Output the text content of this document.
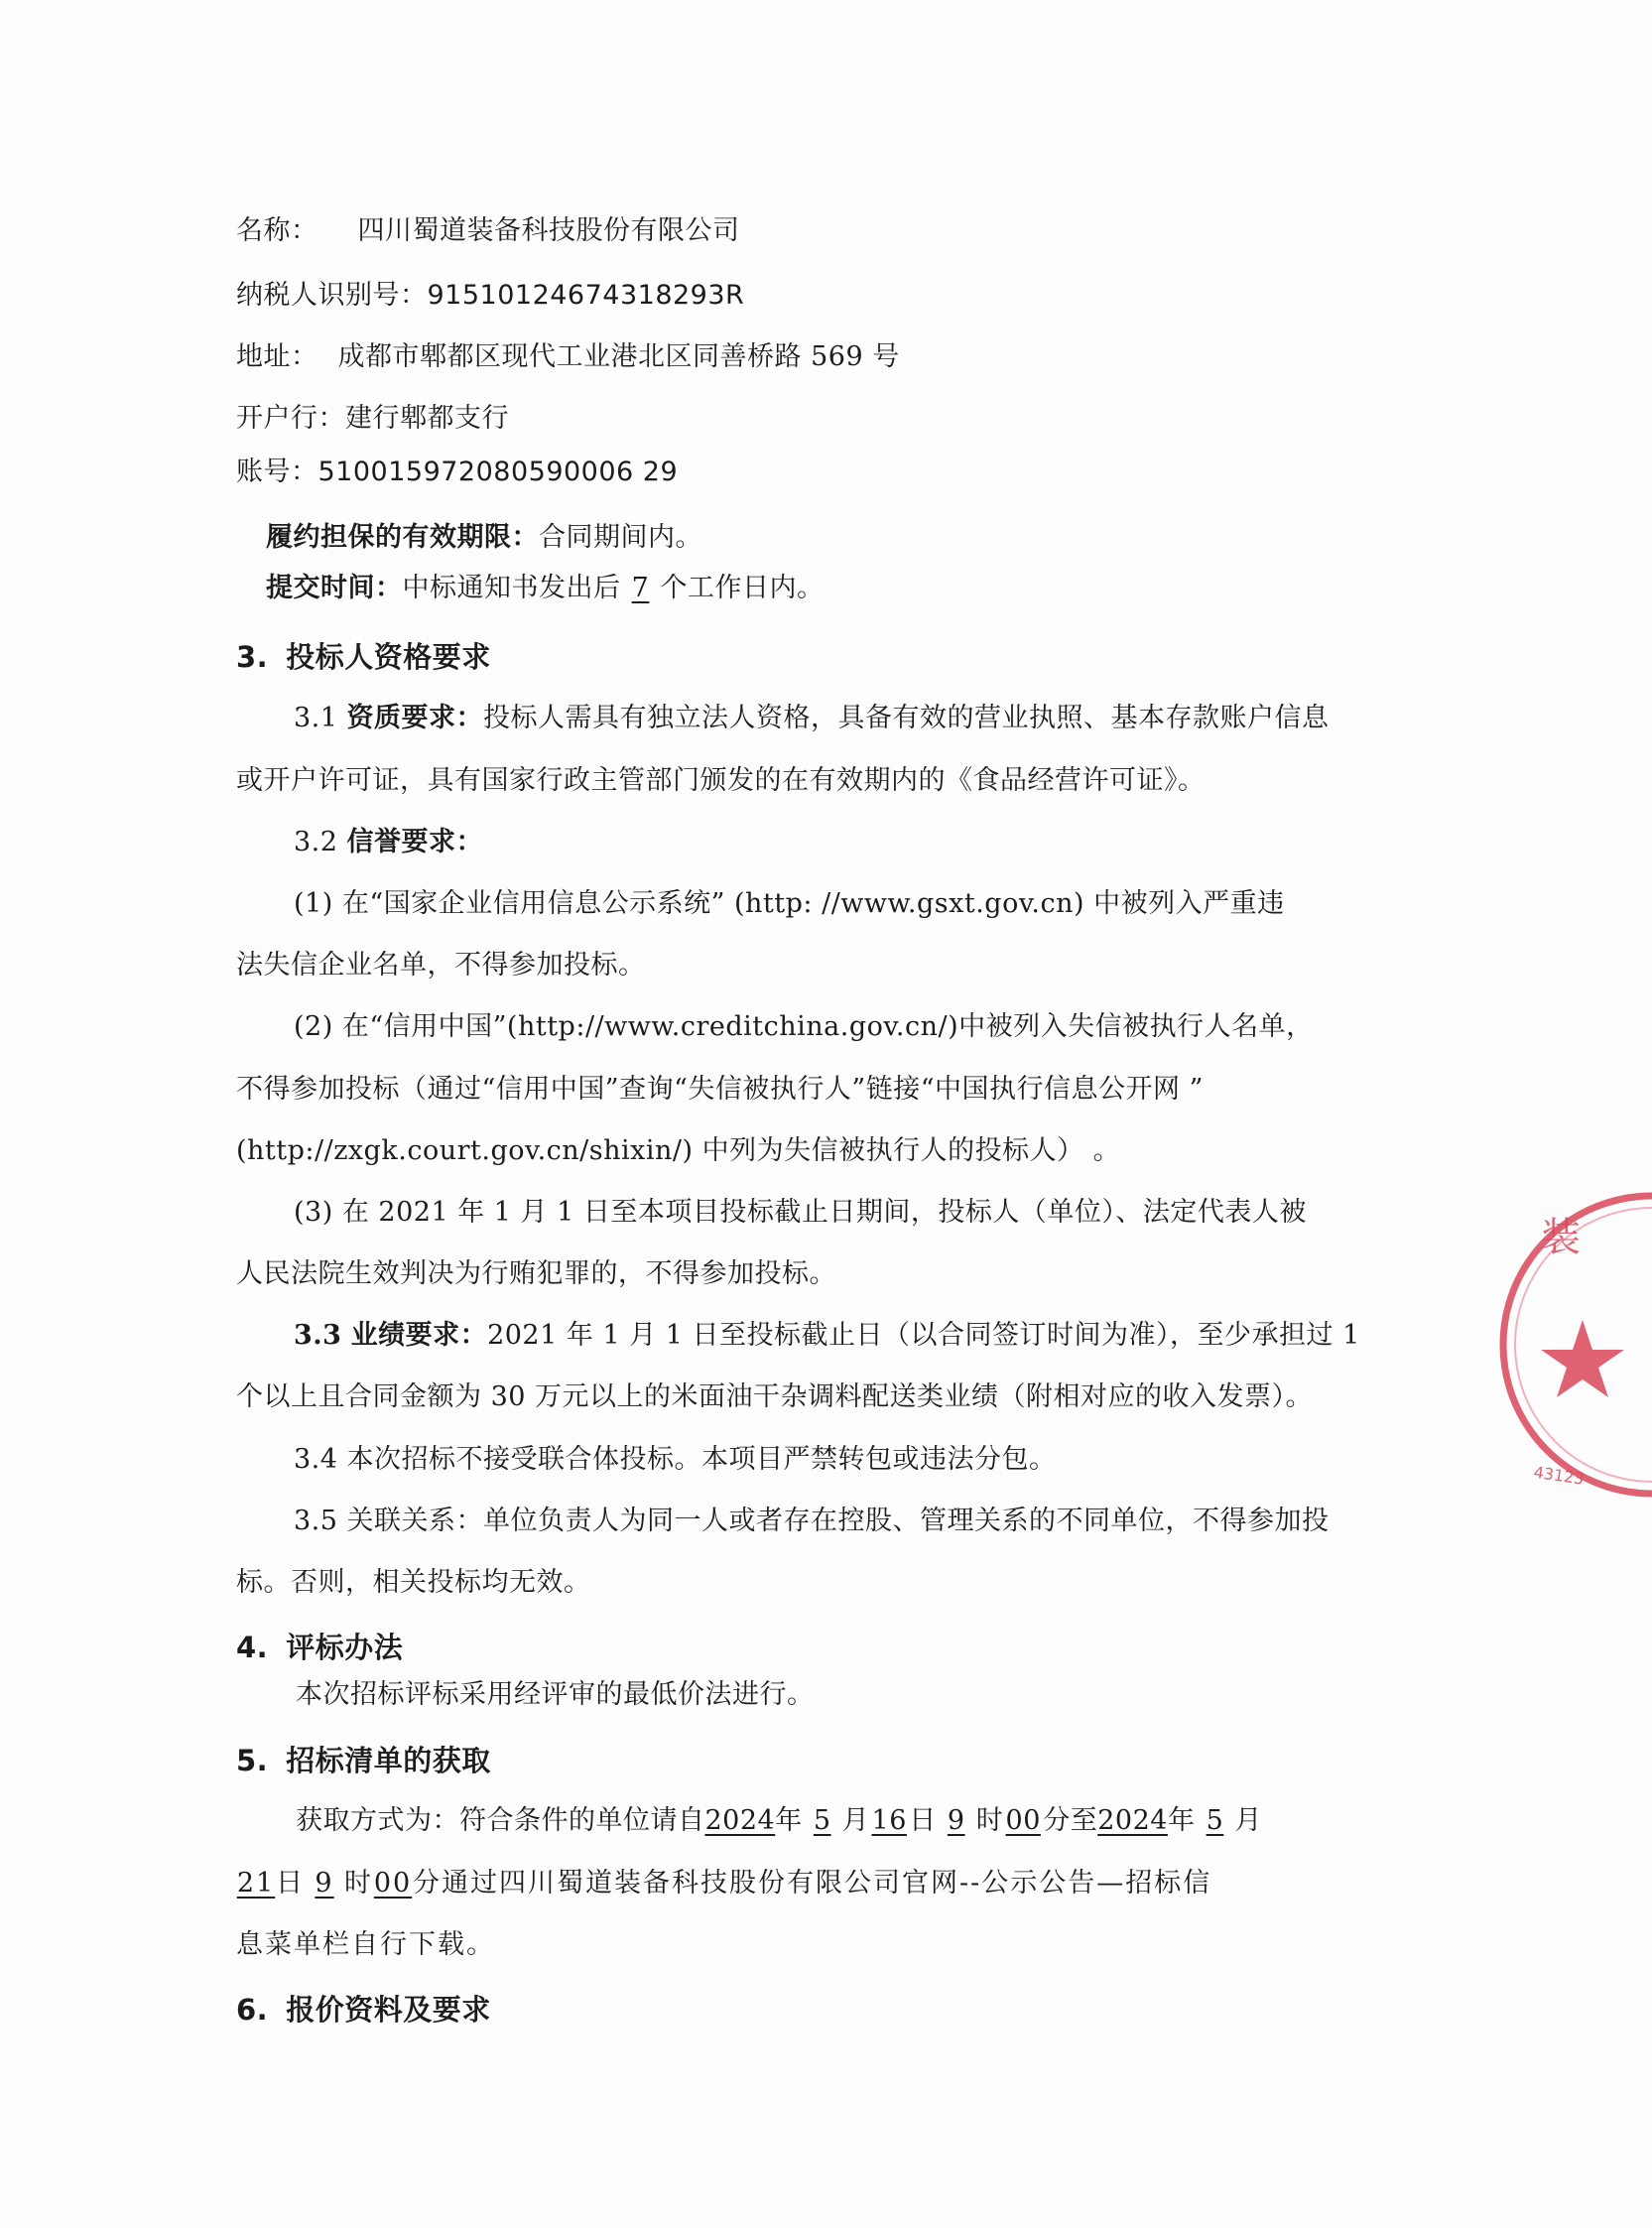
名称： 四川蜀道装备科技股份有限公司
纳税人识别号：91510124674318293R
地址： 成都市郫都区现代工业港北区同善桥路 569 号
开户行：建行郫都支行
账号：510015972080590006 29
履约担保的有效期限：合同期间内。
提交时间：中标通知书发出后 7 个工作日内。
3. 投标人资格要求
3.1 资质要求：投标人需具有独立法人资格，具备有效的营业执照、基本存款账户信息
或开户许可证，具有国家行政主管部门颁发的在有效期内的《食品经营许可证》。
3.2 信誉要求：
(1) 在“国家企业信用信息公示系统” (http: //www.gsxt.gov.cn) 中被列入严重违
法失信企业名单，不得参加投标。
(2) 在“信用中国”(http://www.creditchina.gov.cn/)中被列入失信被执行人名单，
不得参加投标（通过“信用中国”查询“失信被执行人”链接“中国执行信息公开网 ”
(http://zxgk.court.gov.cn/shixin/) 中列为失信被执行人的投标人） 。
(3) 在 2021 年 1 月 1 日至本项目投标截止日期间，投标人（单位）、法定代表人被
人民法院生效判决为行贿犯罪的，不得参加投标。
3.3 业绩要求：2021 年 1 月 1 日至投标截止日（以合同签订时间为准），至少承担过 1
个以上且合同金额为 30 万元以上的米面油干杂调料配送类业绩（附相对应的收入发票）。
3.4 本次招标不接受联合体投标。本项目严禁转包或违法分包。
3.5 关联关系：单位负责人为同一人或者存在控股、管理关系的不同单位，不得参加投
标。否则，相关投标均无效。
4. 评标办法
本次招标评标采用经评审的最低价法进行。
5. 招标清单的获取
获取方式为：符合条件的单位请自2024年 5 月16日 9 时00分至2024年 5 月
21日 9 时00分通过四川蜀道装备科技股份有限公司官网--公示公告—招标信
息菜单栏自行下载。
6. 报价资料及要求
装
43123
